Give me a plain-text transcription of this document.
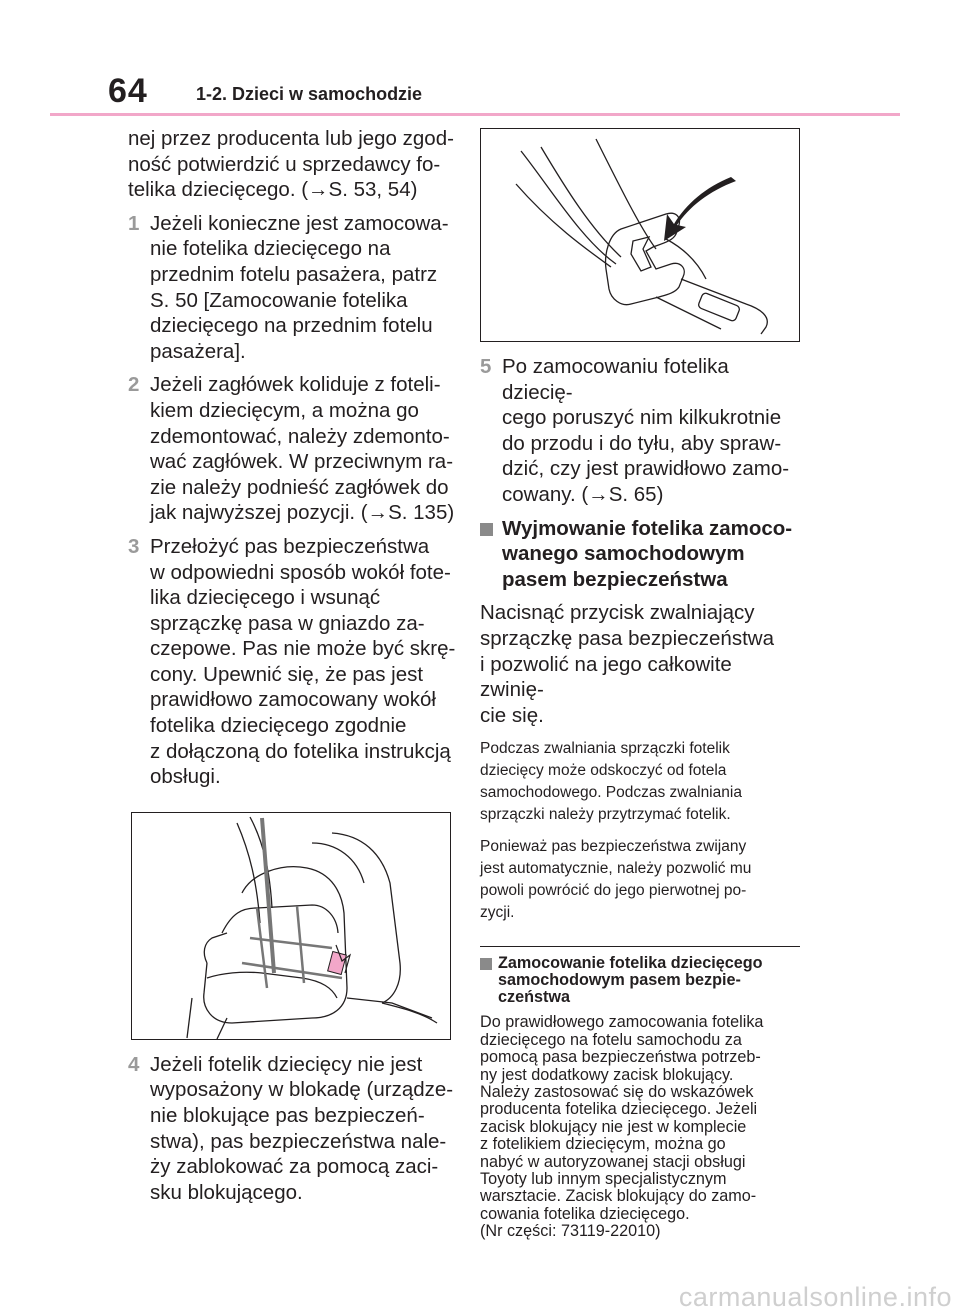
64	1-2. Dzieci w samochodzie

nej przez producenta lub jego zgod-
ność potwierdzić u sprzedawcy fo-
telika dziecięcego. (→S. 53, 54)

1 Jeżeli konieczne jest zamocowa-
nie fotelika dziecięcego na
przednim fotelu pasażera, patrz
S. 50 [Zamocowanie fotelika
dziecięcego na przednim fotelu
pasażera].

2 Jeżeli zagłówek koliduje z foteli-
kiem dziecięcym, a można go
zdemontować, należy zdemonto-
wać zagłówek. W przeciwnym ra-
zie należy podnieść zagłówek do
jak najwyższej pozycji. (→S. 135)

3 Przełożyć pas bezpieczeństwa
w odpowiedni sposób wokół fote-
lika dziecięcego i wsunąć
sprzączkę pasa w gniazdo za-
czepowe. Pas nie może być skrę-
cony. Upewnić się, że pas jest
prawidłowo zamocowany wokół
fotelika dziecięcego zgodnie
z dołączoną do fotelika instrukcją
obsługi.

4 Jeżeli fotelik dziecięcy nie jest
wyposażony w blokadę (urządze-
nie blokujące pas bezpieczeń-
stwa), pas bezpieczeństwa nale-
ży zablokować za pomocą zaci-
sku blokującego.

5 Po zamocowaniu fotelika dziecię-
cego poruszyć nim kilkukrotnie
do przodu i do tyłu, aby spraw-
dzić, czy jest prawidłowo zamo-
cowany. (→S. 65)

Wyjmowanie fotelika zamoco-
wanego samochodowym
pasem bezpieczeństwa

Nacisnąć przycisk zwalniający
sprzączkę pasa bezpieczeństwa
i pozwolić na jego całkowite zwinię-
cie się.

Podczas zwalniania sprzączki fotelik
dziecięcy może odskoczyć od fotela
samochodowego. Podczas zwalniania
sprzączki należy przytrzymać fotelik.

Ponieważ pas bezpieczeństwa zwijany
jest automatycznie, należy pozwolić mu
powoli powrócić do jego pierwotnej po-
zycji.

Zamocowanie fotelika dziecięcego
samochodowym pasem bezpie-
czeństwa

Do prawidłowego zamocowania fotelika
dziecięcego na fotelu samochodu za
pomocą pasa bezpieczeństwa potrzeb-
ny jest dodatkowy zacisk blokujący.
Należy zastosować się do wskazówek
producenta fotelika dziecięcego. Jeżeli
zacisk blokujący nie jest w komplecie
z fotelikiem dziecięcym, można go
nabyć w autoryzowanej stacji obsługi
Toyoty lub innym specjalistycznym
warsztacie. Zacisk blokujący do zamo-
cowania fotelika dziecięcego.
(Nr części: 73119-22010)

carmanualsonline.info
